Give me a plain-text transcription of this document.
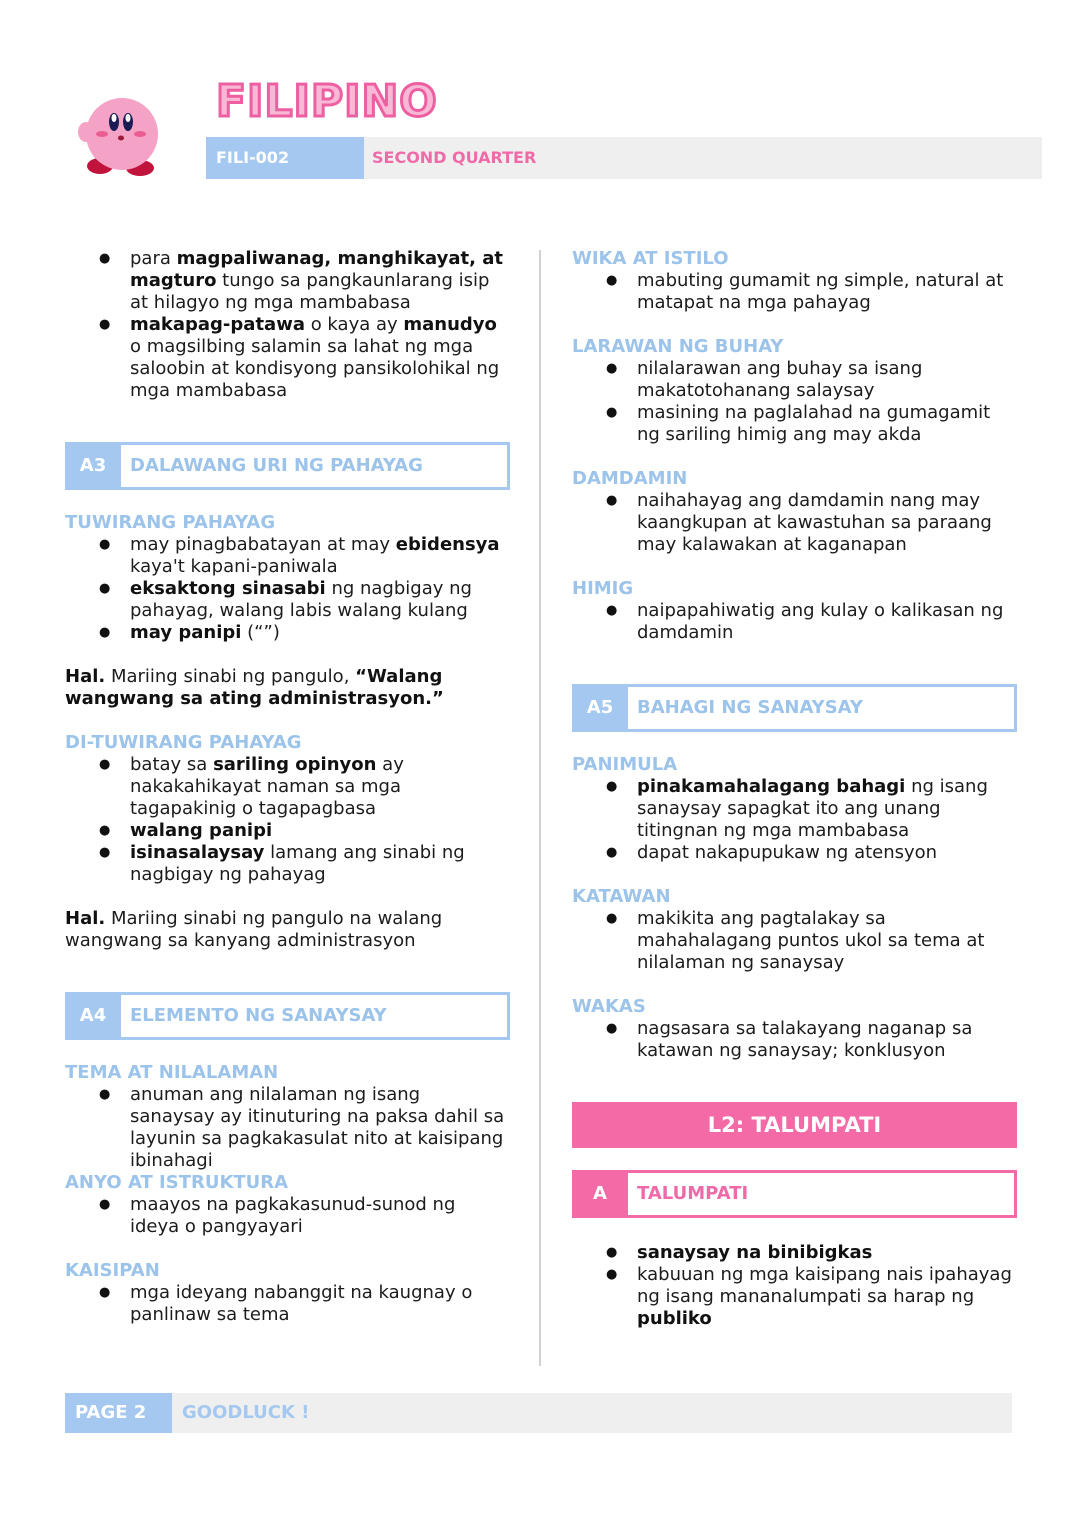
FILIPINO
FILI-002	SECOND QUARTER
● para magpaliwanag, manghikayat, at magturo tungo sa pangkaunlarang isip at hilagyo ng mga mambabasa
● makapag-patawa o kaya ay manudyo o magsilbing salamin sa lahat ng mga saloobin at kondisyong pansikolohikal ng mga mambabasa
A3	DALAWANG URI NG PAHAYAG

TUWIRANG PAHAYAG

● may pinagbabatayan at may ebidensya kaya't kapani-paniwala
● eksaktong sinasabi ng nagbigay ng pahayag, walang labis walang kulang
● may panipi (“”)

Hal. Mariing sinabi ng pangulo, “Walang wangwang sa ating administrasyon.”

DI-TUWIRANG PAHAYAG

● batay sa sariling opinyon ay nakakahikayat naman sa mga tagapakinig o tagapagbasa
● walang panipi
● isinasalaysay lamang ang sinabi ng nagbigay ng pahayag

Hal. Mariing sinabi ng pangulo na walang wangwang sa kanyang administrasyon

A4	ELEMENTO NG SANAYSAY

TEMA AT NILALAMAN

● anuman ang nilalaman ng isang sanaysay ay itinuturing na paksa dahil sa layunin sa pagkakasulat nito at kaisipang ibinahagi

ANYO AT ISTRUKTURA

● maayos na pagkakasunud-sunod ng ideya o pangyayari

KAISIPAN

● mga ideyang nabanggit na kaugnay o panlinaw sa tema

WIKA AT ISTILO

● mabuting gumamit ng simple, natural at matapat na mga pahayag

LARAWAN NG BUHAY

● nilalarawan ang buhay sa isang makatotohanang salaysay
● masining na paglalahad na gumagamit ng sariling himig ang may akda

DAMDAMIN

● naihahayag ang damdamin nang may kaangkupan at kawastuhan sa paraang may kalawakan at kaganapan

HIMIG

● naipapahiwatig ang kulay o kalikasan ng damdamin
A5	BAHAGI NG SANAYSAY

PANIMULA

● pinakamahalagang bahagi ng isang sanaysay sapagkat ito ang unang titingnan ng mga mambabasa
● dapat nakapupukaw ng atensyon

KATAWAN

● makikita ang pagtalakay sa mahahalagang puntos ukol sa tema at nilalaman ng sanaysay

WAKAS

● nagsasara sa talakayang naganap sa katawan ng sanaysay; konklusyon
L2: TALUMPATI
A	TALUMPATI
● sanaysay na binibigkas
● kabuuan ng mga kaisipang nais ipahayag ng isang mananalumpati sa harap ng publiko
PAGE 2	GOODLUCK !
